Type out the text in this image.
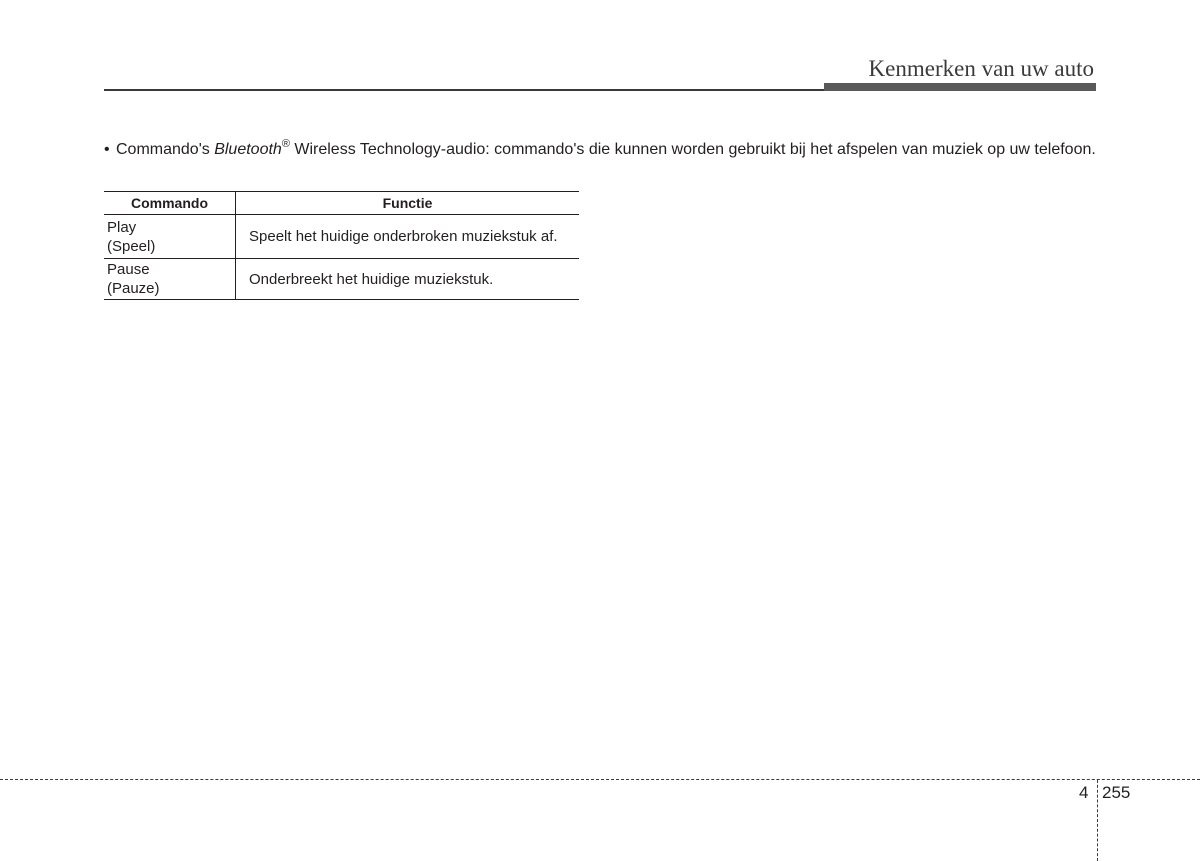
Kenmerken van uw auto
• Commando's Bluetooth® Wireless Technology-audio: commando's die kunnen worden gebruikt bij het afspelen van muziek op uw telefoon.
Commando	Functie

Play
(Speel)	Speelt het huidige onderbroken muziekstuk af.

Pause
(Pauze)	Onderbreekt het huidige muziekstuk.
4 255
